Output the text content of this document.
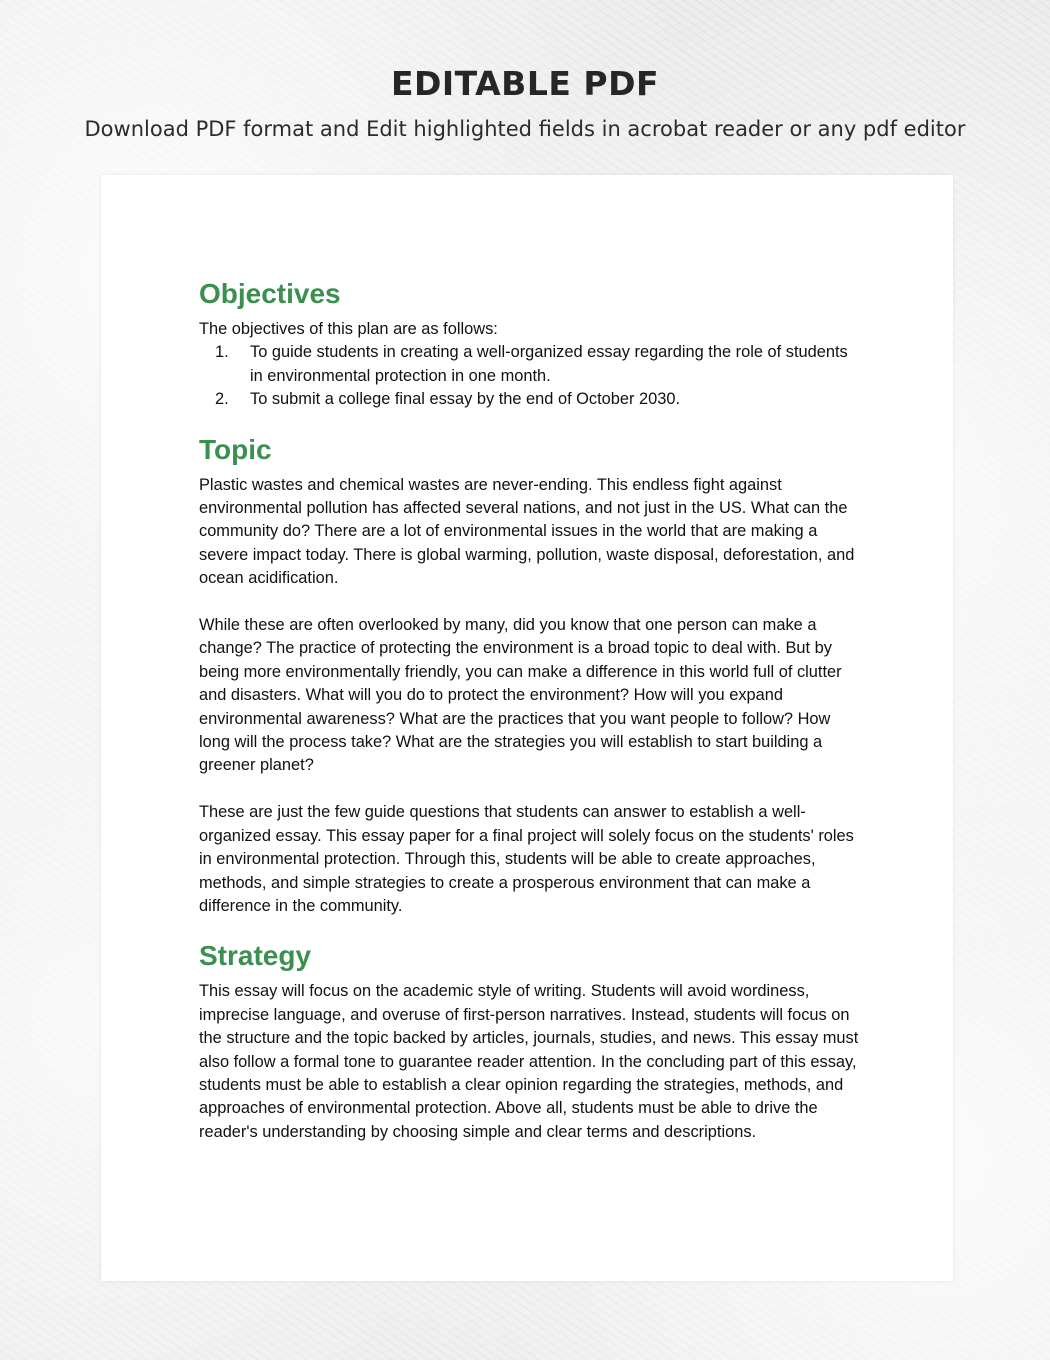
EDITABLE PDF

Download PDF format and Edit highlighted fields in acrobat reader or any pdf editor

Objectives

The objectives of this plan are as follows:

1. To guide students in creating a well-organized essay regarding the role of students in environmental protection in one month.
2. To submit a college final essay by the end of October 2030.
Topic

Plastic wastes and chemical wastes are never-ending. This endless fight against environmental pollution has affected several nations, and not just in the US. What can the community do? There are a lot of environmental issues in the world that are making a severe impact today. There is global warming, pollution, waste disposal, deforestation, and ocean acidification.

While these are often overlooked by many, did you know that one person can make a change? The practice of protecting the environment is a broad topic to deal with. But by being more environmentally friendly, you can make a difference in this world full of clutter and disasters. What will you do to protect the environment? How will you expand environmental awareness? What are the practices that you want people to follow? How long will the process take? What are the strategies you will establish to start building a greener planet?

These are just the few guide questions that students can answer to establish a well-organized essay. This essay paper for a final project will solely focus on the students' roles in environmental protection. Through this, students will be able to create approaches, methods, and simple strategies to create a prosperous environment that can make a difference in the community.

Strategy

This essay will focus on the academic style of writing. Students will avoid wordiness, imprecise language, and overuse of first-person narratives. Instead, students will focus on the structure and the topic backed by articles, journals, studies, and news. This essay must also follow a formal tone to guarantee reader attention. In the concluding part of this essay, students must be able to establish a clear opinion regarding the strategies, methods, and approaches of environmental protection. Above all, students must be able to drive the reader's understanding by choosing simple and clear terms and descriptions.
